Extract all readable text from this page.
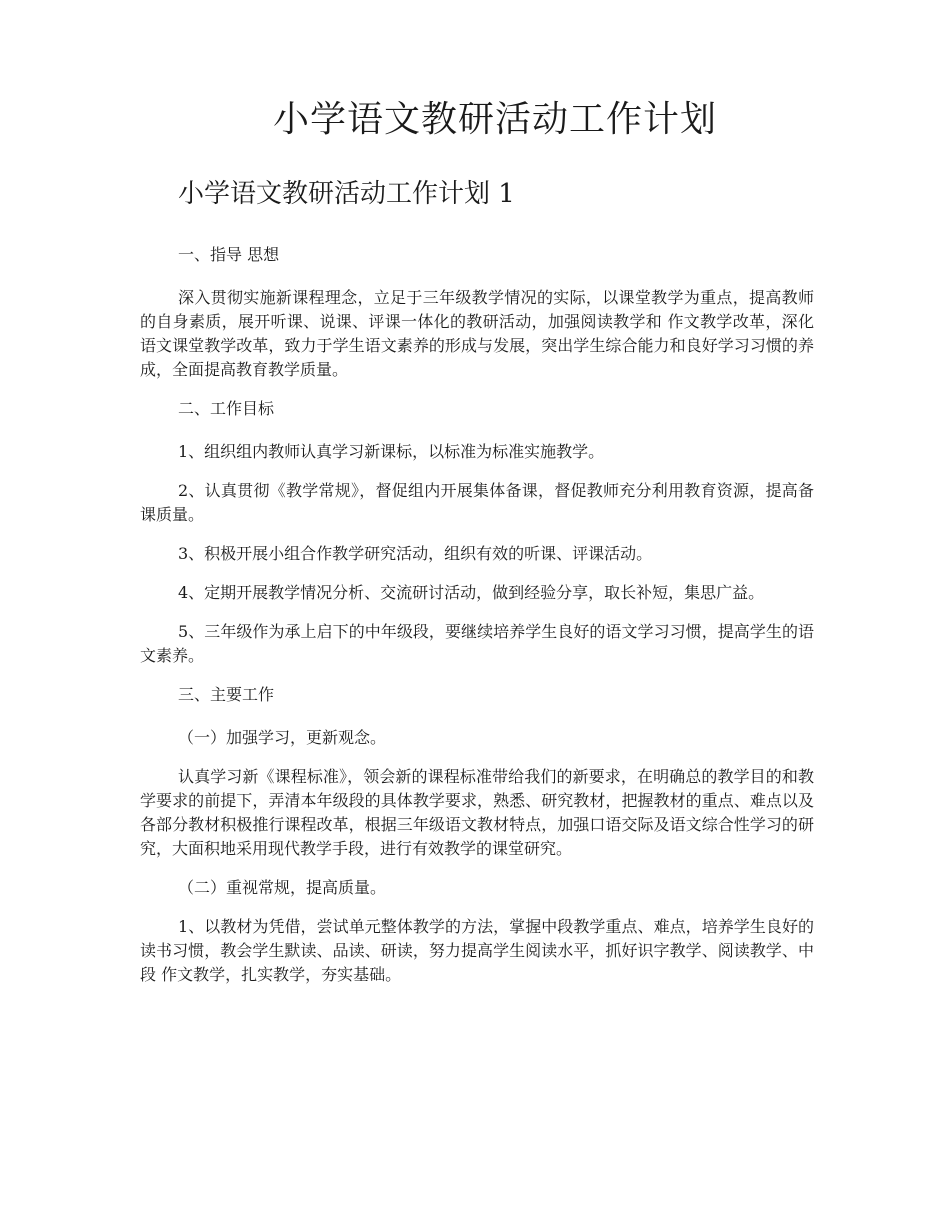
小学语文教研活动工作计划
小学语文教研活动工作计划 1

一、指导 思想

深入贯彻实施新课程理念，立足于三年级教学情况的实际，以课堂教学为重点，提高教师的自身素质，展开听课、说课、评课一体化的教研活动，加强阅读教学和 作文教学改革，深化语文课堂教学改革，致力于学生语文素养的形成与发展，突出学生综合能力和良好学习习惯的养成，全面提高教育教学质量。

二、工作目标

1、组织组内教师认真学习新课标，以标准为标准实施教学。

2、认真贯彻《教学常规》，督促组内开展集体备课，督促教师充分利用教育资源，提高备课质量。

3、积极开展小组合作教学研究活动，组织有效的听课、评课活动。

4、定期开展教学情况分析、交流研讨活动，做到经验分享，取长补短，集思广益。

5、三年级作为承上启下的中年级段，要继续培养学生良好的语文学习习惯，提高学生的语文素养。

三、主要工作

（一）加强学习，更新观念。

认真学习新《课程标准》，领会新的课程标准带给我们的新要求，在明确总的教学目的和教学要求的前提下，弄清本年级段的具体教学要求，熟悉、研究教材，把握教材的重点、难点以及各部分教材积极推行课程改革，根据三年级语文教材特点，加强口语交际及语文综合性学习的研究，大面积地采用现代教学手段，进行有效教学的课堂研究。

（二）重视常规，提高质量。

1、以教材为凭借，尝试单元整体教学的方法，掌握中段教学重点、难点，培养学生良好的读书习惯，教会学生默读、品读、研读，努力提高学生阅读水平，抓好识字教学、阅读教学、中段 作文教学，扎实教学，夯实基础。
